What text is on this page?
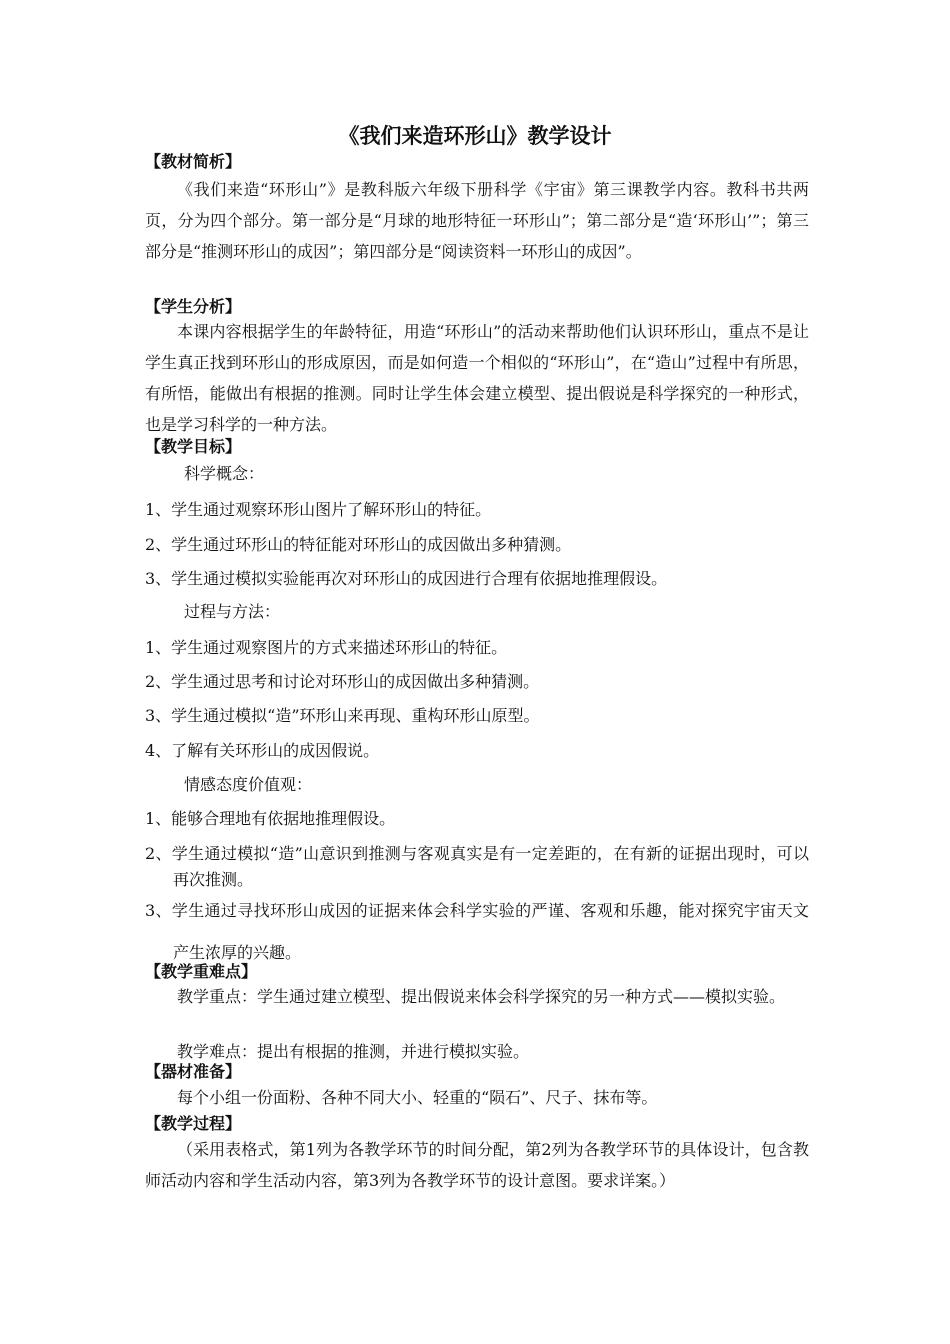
《我们来造环形山》教学设计

【教材简析】

《我们来造“环形山”》是教科版六年级下册科学《宇宙》第三课教学内容。教科书共两页，分为四个部分。第一部分是“月球的地形特征一环形山”；第二部分是“造‘环形山’”；第三部分是“推测环形山的成因”；第四部分是“阅读资料一环形山的成因”。

【学生分析】

本课内容根据学生的年龄特征，用造“环形山”的活动来帮助他们认识环形山，重点不是让学生真正找到环形山的形成原因，而是如何造一个相似的“环形山”，在“造山”过程中有所思，有所悟，能做出有根据的推测。同时让学生体会建立模型、提出假说是科学探究的一种形式，也是学习科学的一种方法。

【教学目标】

科学概念：

1、学生通过观察环形山图片了解环形山的特征。

2、学生通过环形山的特征能对环形山的成因做出多种猜测。

3、学生通过模拟实验能再次对环形山的成因进行合理有依据地推理假设。

过程与方法：

1、学生通过观察图片的方式来描述环形山的特征。

2、学生通过思考和讨论对环形山的成因做出多种猜测。

3、学生通过模拟“造”环形山来再现、重构环形山原型。

4、了解有关环形山的成因假说。

情感态度价值观：

1、能够合理地有依据地推理假设。

2、学生通过模拟“造”山意识到推测与客观真实是有一定差距的，在有新的证据出现时，可以再次推测。

3、学生通过寻找环形山成因的证据来体会科学实验的严谨、客观和乐趣，能对探究宇宙天文产生浓厚的兴趣。

【教学重难点】

教学重点：学生通过建立模型、提出假说来体会科学探究的另一种方式——模拟实验。

教学难点：提出有根据的推测，并进行模拟实验。

【器材准备】

每个小组一份面粉、各种不同大小、轻重的“陨石”、尺子、抹布等。

【教学过程】

（采用表格式，第1列为各教学环节的时间分配，第2列为各教学环节的具体设计，包含教师活动内容和学生活动内容，第3列为各教学环节的设计意图。要求详案。）
